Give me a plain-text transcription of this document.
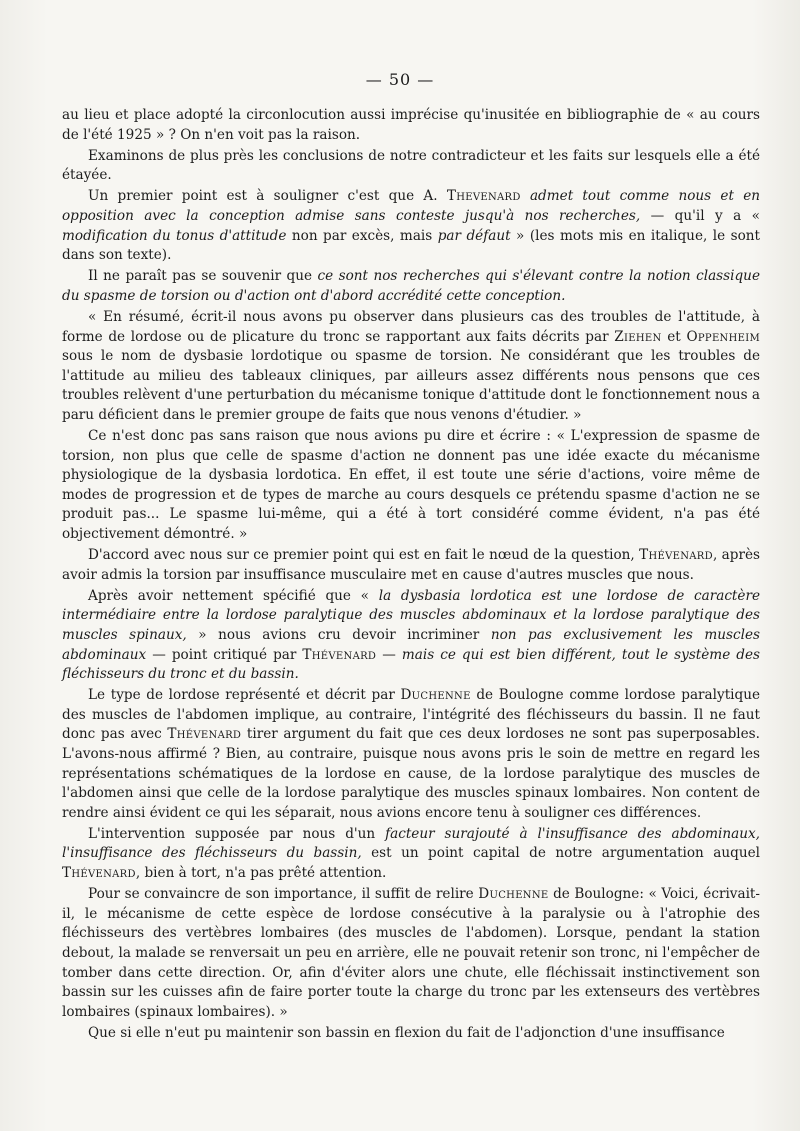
— 50 —

au lieu et place adopté la circonlocution aussi imprécise qu'inusitée en bibliographie de « au cours de l'été 1925 » ? On n'en voit pas la raison.

Examinons de plus près les conclusions de notre contradicteur et les faits sur lesquels elle a été étayée.

Un premier point est à souligner c'est que A. Thevenard admet tout comme nous et en opposition avec la conception admise sans conteste jusqu'à nos recherches, — qu'il y a « modification du tonus d'attitude non par excès, mais par défaut » (les mots mis en italique, le sont dans son texte).

Il ne paraît pas se souvenir que ce sont nos recherches qui s'élevant contre la notion classique du spasme de torsion ou d'action ont d'abord accrédité cette conception.

« En résumé, écrit-il nous avons pu observer dans plusieurs cas des troubles de l'attitude, à forme de lordose ou de plicature du tronc se rapportant aux faits décrits par Ziehen et Oppenheim sous le nom de dysbasie lordotique ou spasme de torsion. Ne considérant que les troubles de l'attitude au milieu des tableaux cliniques, par ailleurs assez différents nous pensons que ces troubles relèvent d'une perturbation du mécanisme tonique d'attitude dont le fonctionnement nous a paru déficient dans le premier groupe de faits que nous venons d'étudier. »

Ce n'est donc pas sans raison que nous avions pu dire et écrire : « L'expression de spasme de torsion, non plus que celle de spasme d'action ne donnent pas une idée exacte du mécanisme physiologique de la dysbasia lordotica. En effet, il est toute une série d'actions, voire même de modes de progression et de types de marche au cours desquels ce prétendu spasme d'action ne se produit pas... Le spasme lui-même, qui a été à tort considéré comme évident, n'a pas été objectivement démontré. »

D'accord avec nous sur ce premier point qui est en fait le nœud de la question, Thévenard, après avoir admis la torsion par insuffisance musculaire met en cause d'autres muscles que nous.

Après avoir nettement spécifié que « la dysbasia lordotica est une lordose de caractère intermédiaire entre la lordose paralytique des muscles abdominaux et la lordose paralytique des muscles spinaux, » nous avions cru devoir incriminer non pas exclusivement les muscles abdominaux — point critiqué par Thévenard — mais ce qui est bien différent, tout le système des fléchisseurs du tronc et du bassin.

Le type de lordose représenté et décrit par Duchenne de Boulogne comme lordose paralytique des muscles de l'abdomen implique, au contraire, l'intégrité des fléchisseurs du bassin. Il ne faut donc pas avec Thévenard tirer argument du fait que ces deux lordoses ne sont pas superposables. L'avons-nous affirmé ? Bien, au contraire, puisque nous avons pris le soin de mettre en regard les représentations schématiques de la lordose en cause, de la lordose paralytique des muscles de l'abdomen ainsi que celle de la lordose paralytique des muscles spinaux lombaires. Non content de rendre ainsi évident ce qui les séparait, nous avions encore tenu à souligner ces différences.

L'intervention supposée par nous d'un facteur surajouté à l'insuffisance des abdominaux, l'insuffisance des fléchisseurs du bassin, est un point capital de notre argumentation auquel Thévenard, bien à tort, n'a pas prêté attention.

Pour se convaincre de son importance, il suffit de relire Duchenne de Boulogne: « Voici, écrivait-il, le mécanisme de cette espèce de lordose consécutive à la paralysie ou à l'atrophie des fléchisseurs des vertèbres lombaires (des muscles de l'abdomen). Lorsque, pendant la station debout, la malade se renversait un peu en arrière, elle ne pouvait retenir son tronc, ni l'empêcher de tomber dans cette direction. Or, afin d'éviter alors une chute, elle fléchissait instinctivement son bassin sur les cuisses afin de faire porter toute la charge du tronc par les extenseurs des vertèbres lombaires (spinaux lombaires). »

Que si elle n'eut pu maintenir son bassin en flexion du fait de l'adjonction d'une insuffisance
